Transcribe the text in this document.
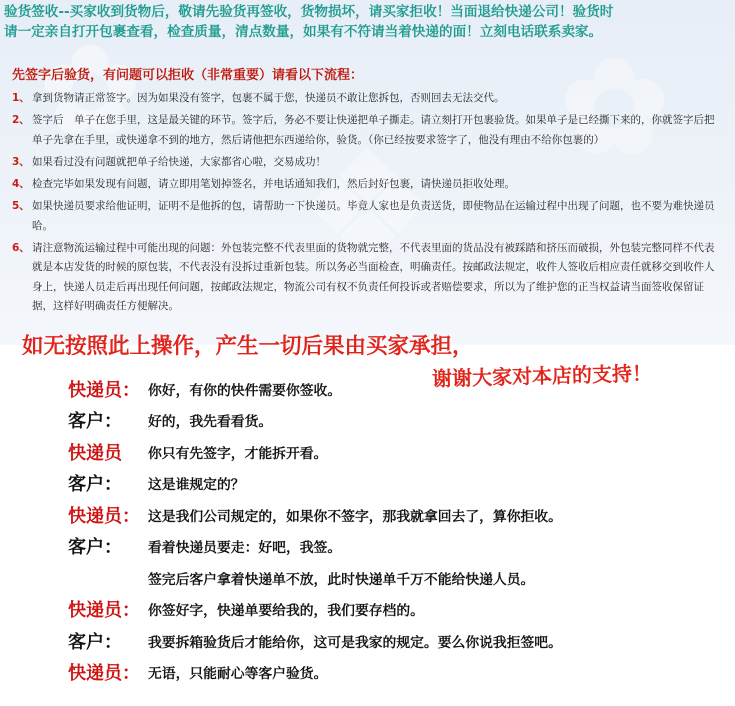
✿
❖
✿
验货签收--买家收到货物后，敬请先验货再签收，货物损坏，请买家拒收！当面退给快递公司！验货时
请一定亲自打开包裹查看，检查质量，清点数量，如果有不符请当着快递的面！立刻电话联系卖家。
先签字后验货，有问题可以拒收（非常重要）请看以下流程：
1、 拿到货物请正常签字。因为如果没有签字，包裹不属于您，快递员不敢让您拆包，否则回去无法交代。
2、 签字后　单子在您手里，这是最关键的环节。签字后，务必不要让快递把单子撕走。请立刻打开包裹验货。如果单子是已经撕下来的，你就签字后把单子先拿在手里，或快递拿不到的地方，然后请他把东西递给你，验货。（你已经按要求签字了，他没有理由不给你包裹的）
3、 如果看过没有问题就把单子给快递，大家都省心啦，交易成功！
4、 检查完毕如果发现有问题，请立即用笔划掉签名，并电话通知我们，然后封好包裹，请快递员拒收处理。
5、 如果快递员要求给他证明，证明不是他拆的包，请帮助一下快递员。毕竟人家也是负责送货，即使物品在运输过程中出现了问题，也不要为难快递员哈。
6、 请注意物流运输过程中可能出现的问题：外包装完整不代表里面的货物就完整，不代表里面的货品没有被踩踏和挤压而破损，外包装完整同样不代表就是本店发货的时候的原包装，不代表没有没拆过重新包装。所以务必当面检查，明确责任。按邮政法规定，收件人签收后相应责任就移交到收件人身上，快递人员走后再出现任何问题，按邮政法规定，物流公司有权不负责任何投诉或者赔偿要求，所以为了维护您的正当权益请当面签收保留证据，这样好明确责任方便解决。
如无按照此上操作，产生一切后果由买家承担，
谢谢大家对本店的支持！
快递员： 你好，有你的快件需要你签收。
客户：	好的，我先看看货。
快递员	你只有先签字，才能拆开看。
客户：	这是谁规定的？
快递员： 这是我们公司规定的，如果你不签字，那我就拿回去了，算你拒收。
客户：	看着快递员要走：好吧，我签。
签完后客户拿着快递单不放，此时快递单千万不能给快递人员。
快递员： 你签好字，快递单要给我的，我们要存档的。
客户：	我要拆箱验货后才能给你，这可是我家的规定。要么你说我拒签吧。
快递员： 无语，只能耐心等客户验货。
